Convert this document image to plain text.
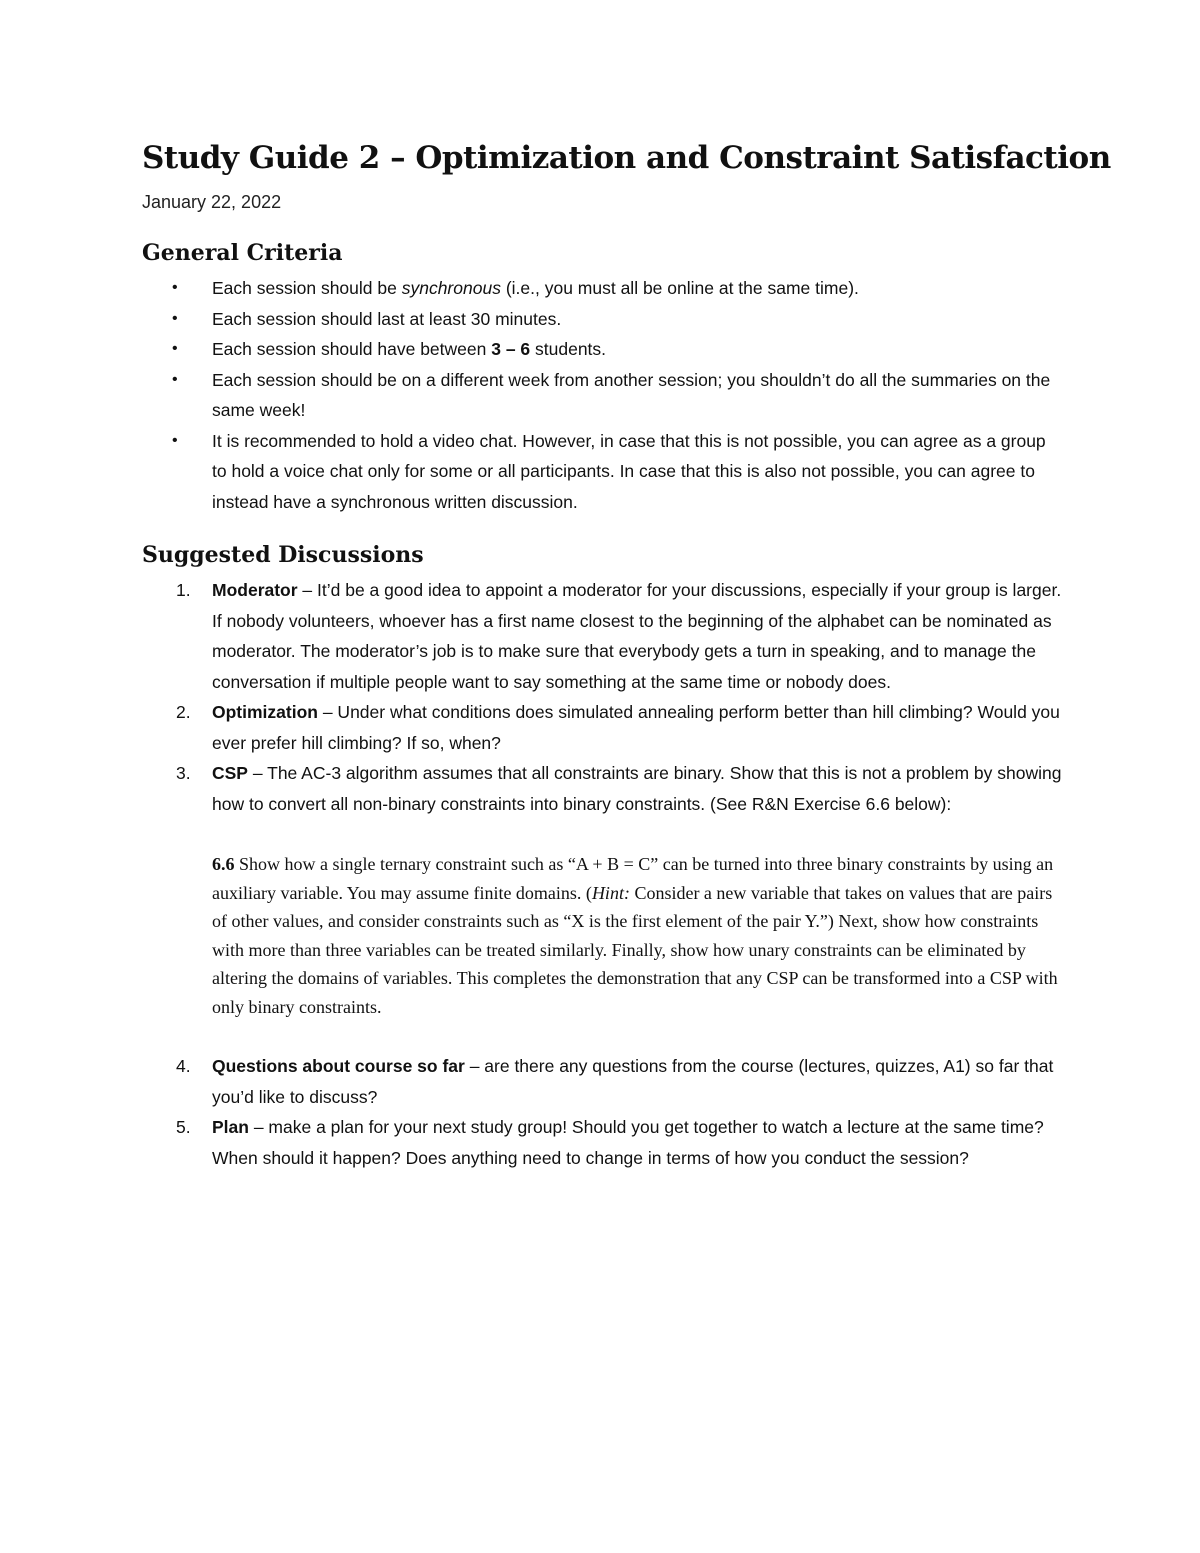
Study Guide 2 – Optimization and Constraint Satisfaction

January 22, 2022

General Criteria
• Each session should be synchronous (i.e., you must all be online at the same time).
• Each session should last at least 30 minutes.
• Each session should have between 3 – 6 students.
• Each session should be on a different week from another session; you shouldn’t do all the summaries on the same week!
• It is recommended to hold a video chat. However, in case that this is not possible, you can agree as a group to hold a voice chat only for some or all participants. In case that this is also not possible, you can agree to instead have a synchronous written discussion.
Suggested Discussions
1. Moderator – It’d be a good idea to appoint a moderator for your discussions, especially if your group is larger. If nobody volunteers, whoever has a first name closest to the beginning of the alphabet can be nominated as moderator. The moderator’s job is to make sure that everybody gets a turn in speaking, and to manage the conversation if multiple people want to say something at the same time or nobody does.
2. Optimization – Under what conditions does simulated annealing perform better than hill climbing? Would you ever prefer hill climbing? If so, when?
3. CSP – The AC-3 algorithm assumes that all constraints are binary. Show that this is not a problem by showing how to convert all non-binary constraints into binary constraints. (See R&N Exercise 6.6 below):
6.6 Show how a single ternary constraint such as “A + B = C” can be turned into three binary constraints by using an auxiliary variable. You may assume finite domains. (Hint: Consider a new variable that takes on values that are pairs of other values, and consider constraints such as “X is the first element of the pair Y.”) Next, show how constraints with more than three variables can be treated similarly. Finally, show how unary constraints can be eliminated by altering the domains of variables. This completes the demonstration that any CSP can be transformed into a CSP with only binary constraints.
4. Questions about course so far – are there any questions from the course (lectures, quizzes, A1) so far that you’d like to discuss?
5. Plan – make a plan for your next study group! Should you get together to watch a lecture at the same time? When should it happen? Does anything need to change in terms of how you conduct the session?
